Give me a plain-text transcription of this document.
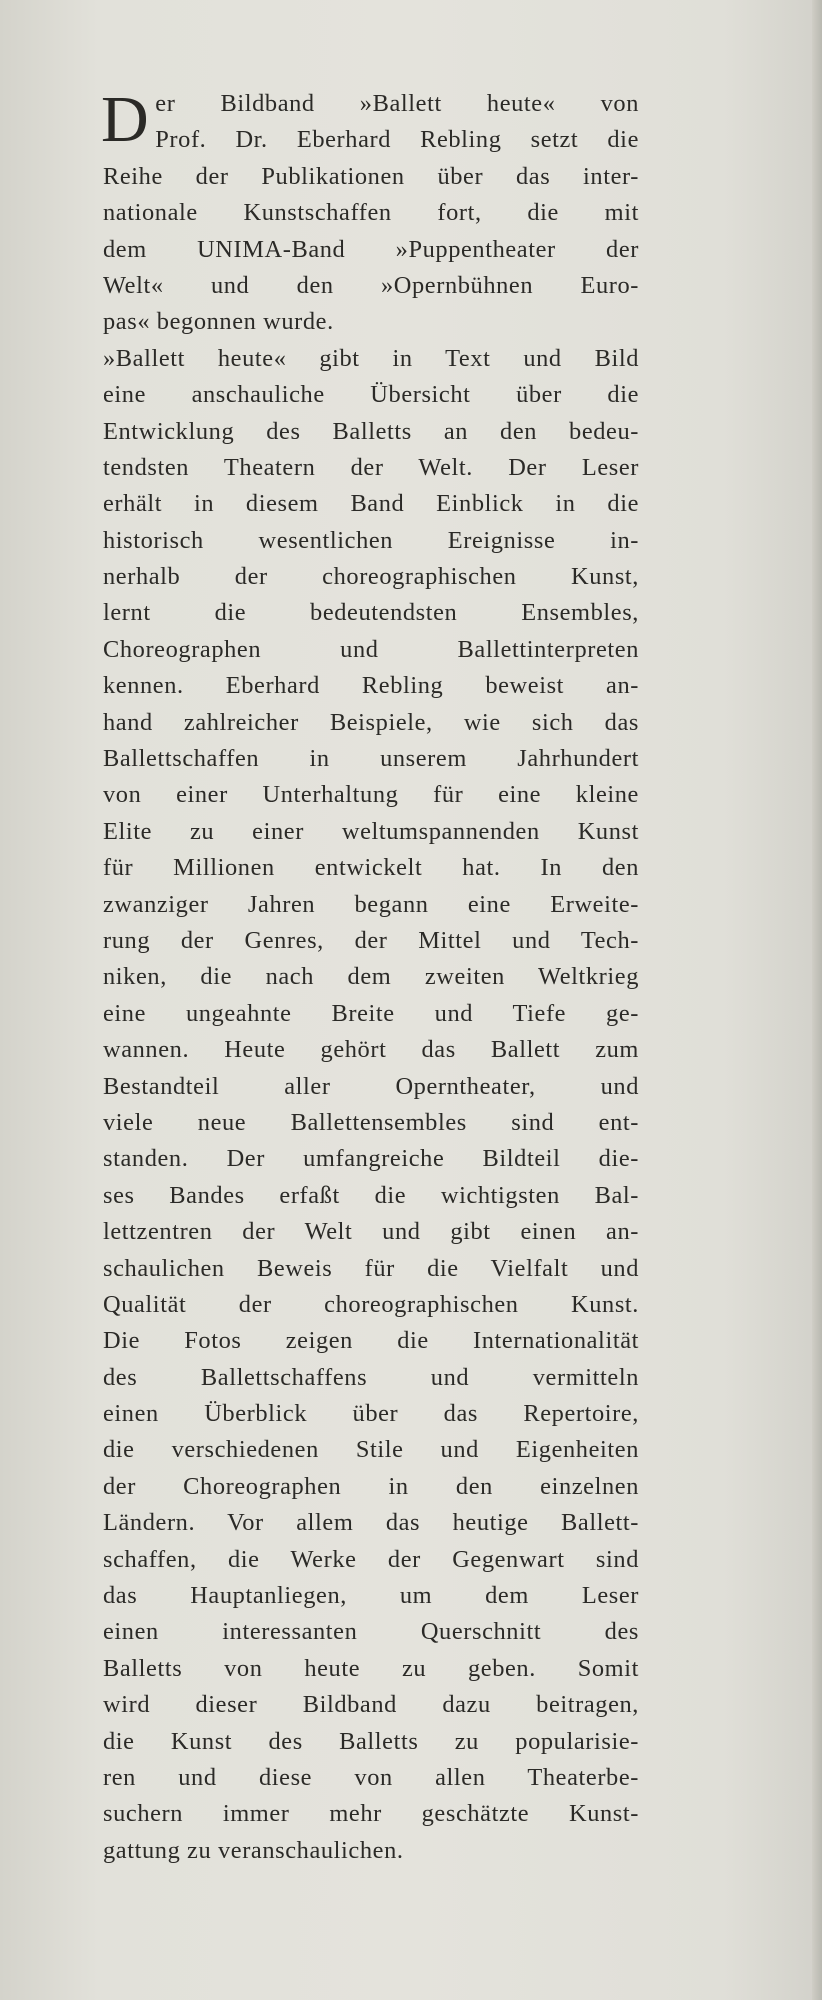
D er Bildband »Ballett heute« von
Prof. Dr. Eberhard Rebling setzt die
Reihe der Publikationen über das inter-
nationale Kunstschaffen fort, die mit
dem UNIMA-Band »Puppentheater der
Welt« und den »Opernbühnen Euro-
pas« begonnen wurde.
»Ballett heute« gibt in Text und Bild
eine anschauliche Übersicht über die
Entwicklung des Balletts an den bedeu-
tendsten Theatern der Welt. Der Leser
erhält in diesem Band Einblick in die
historisch wesentlichen Ereignisse in-
nerhalb der choreographischen Kunst,
lernt die bedeutendsten Ensembles,
Choreographen und Ballettinterpreten
kennen. Eberhard Rebling beweist an-
hand zahlreicher Beispiele, wie sich das
Ballettschaffen in unserem Jahrhundert
von einer Unterhaltung für eine kleine
Elite zu einer weltumspannenden Kunst
für Millionen entwickelt hat. In den
zwanziger Jahren begann eine Erweite-
rung der Genres, der Mittel und Tech-
niken, die nach dem zweiten Weltkrieg
eine ungeahnte Breite und Tiefe ge-
wannen. Heute gehört das Ballett zum
Bestandteil aller Operntheater, und
viele neue Ballettensembles sind ent-
standen. Der umfangreiche Bildteil die-
ses Bandes erfaßt die wichtigsten Bal-
lettzentren der Welt und gibt einen an-
schaulichen Beweis für die Vielfalt und
Qualität der choreographischen Kunst.
Die Fotos zeigen die Internationalität
des Ballettschaffens und vermitteln
einen Überblick über das Repertoire,
die verschiedenen Stile und Eigenheiten
der Choreographen in den einzelnen
Ländern. Vor allem das heutige Ballett-
schaffen, die Werke der Gegenwart sind
das Hauptanliegen, um dem Leser
einen interessanten Querschnitt des
Balletts von heute zu geben. Somit
wird dieser Bildband dazu beitragen,
die Kunst des Balletts zu popularisie-
ren und diese von allen Theaterbe-
suchern immer mehr geschätzte Kunst-
gattung zu veranschaulichen.
